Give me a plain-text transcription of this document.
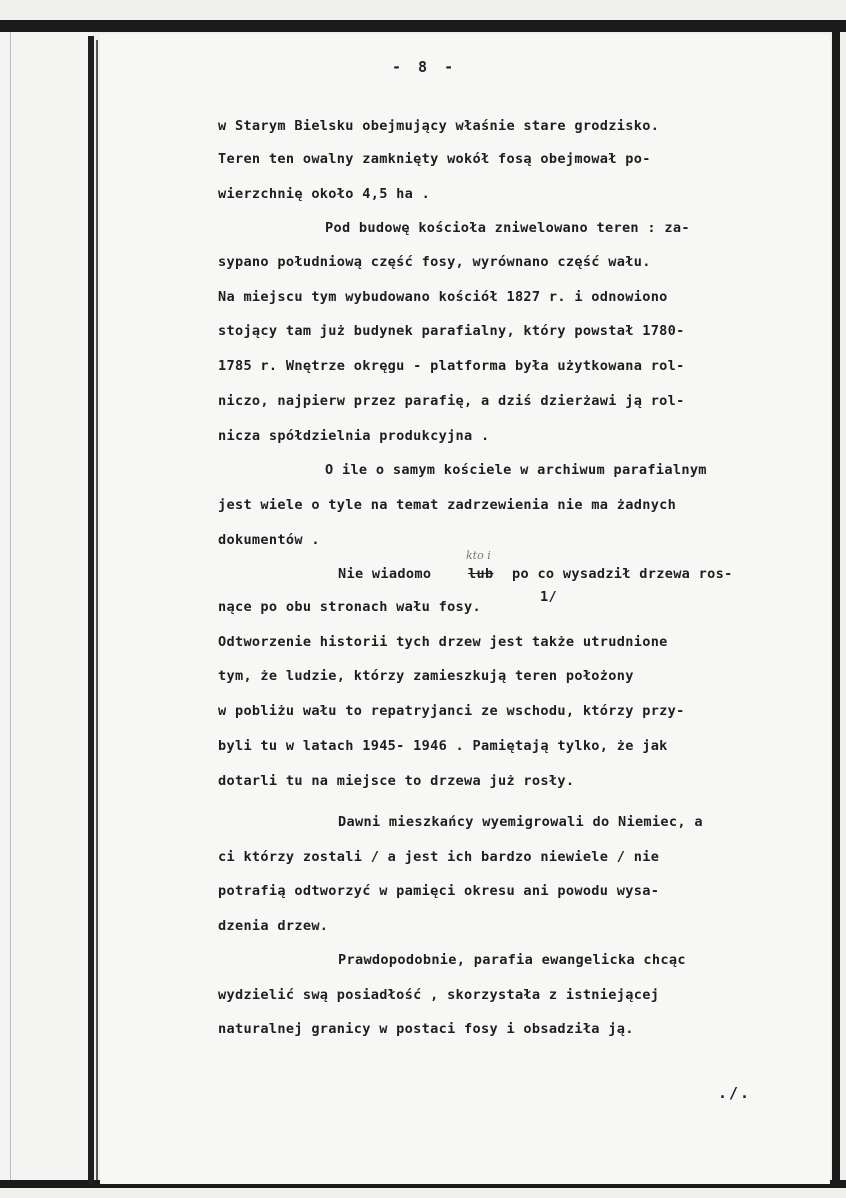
- 8 -
w Starym Bielsku obejmujący właśnie stare grodzisko.
Teren ten owalny zamknięty wokół fosą obejmował po-
wierzchnię około 4,5 ha .
Pod budowę kościoła zniwelowano teren : za-
sypano południową część fosy, wyrównano część wału.
Na miejscu tym wybudowano kościół 1827 r. i odnowiono
stojący tam już budynek parafialny, który powstał 1780-
1785 r. Wnętrze okręgu - platforma była użytkowana rol-
niczo, najpierw przez parafię, a dziś dzierżawi ją rol-
nicza spółdzielnia produkcyjna .
O ile o samym kościele w archiwum parafialnym
jest wiele o tyle na temat zadrzewienia nie ma żadnych
dokumentów .
kto i
Nie wiadomo	lub po co wysadził drzewa ros-
nące po obu stronach wału fosy.
1/
Odtworzenie historii tych drzew jest także utrudnione
tym, że ludzie, którzy zamieszkują teren położony
w pobliżu wału to repatryjanci ze wschodu, którzy przy-
byli tu w latach 1945- 1946 . Pamiętają tylko, że jak
dotarli tu na miejsce to drzewa już rosły.
Dawni mieszkańcy wyemigrowali do Niemiec, a
ci którzy zostali / a jest ich bardzo niewiele / nie
potrafią odtworzyć w pamięci okresu ani powodu wysa-
dzenia drzew.
Prawdopodobnie, parafia ewangelicka chcąc
wydzielić swą posiadłość , skorzystała z istniejącej
naturalnej granicy w postaci fosy i obsadziła ją.
./.
